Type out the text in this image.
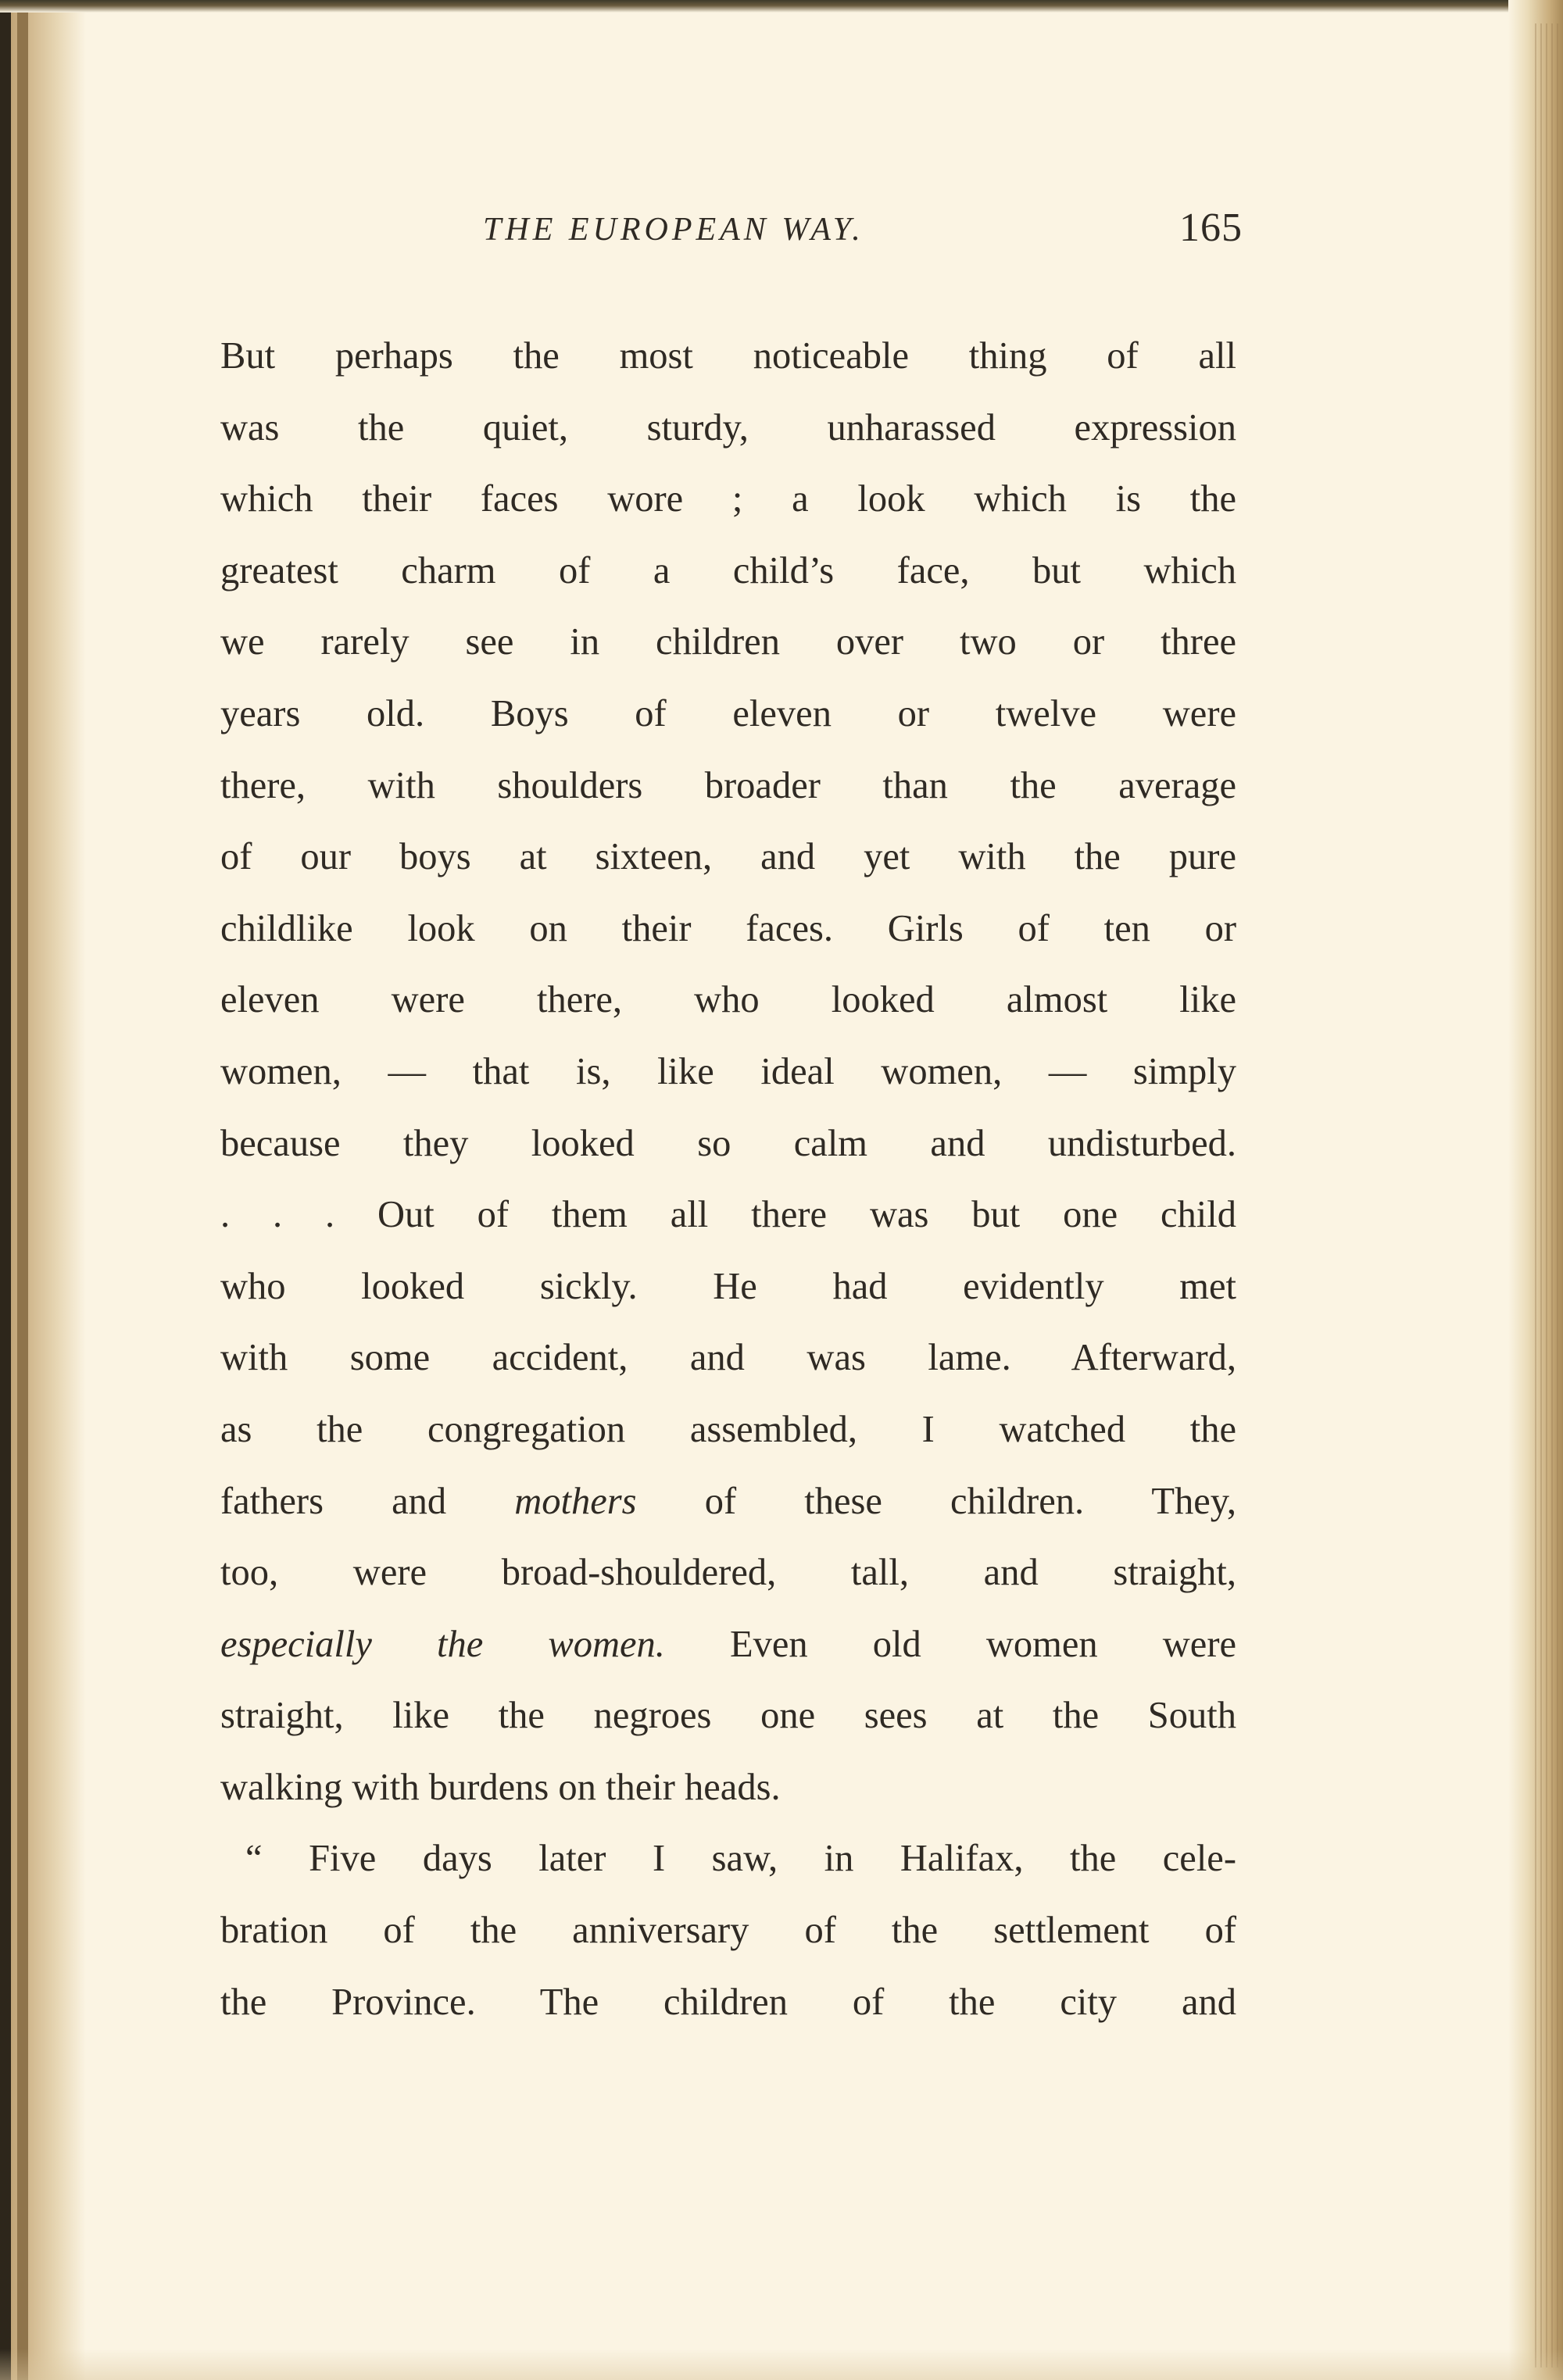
THE EUROPEAN WAY.	165
But perhaps the most noticeable thing of all
was the quiet, sturdy, unharassed expression
which their faces wore ; a look which is the
greatest charm of a child’s face, but which
we rarely see in children over two or three
years old. Boys of eleven or twelve were
there, with shoulders broader than the average
of our boys at sixteen, and yet with the pure
childlike look on their faces. Girls of ten or
eleven were there, who looked almost like
women, — that is, like ideal women, — simply
because they looked so calm and undisturbed.
. . . Out of them all there was but one child
who looked sickly. He had evidently met
with some accident, and was lame. Afterward,
as the congregation assembled, I watched the
fathers and mothers of these children. They,
too, were broad-shouldered, tall, and straight,
especially the women. Even old women were
straight, like the negroes one sees at the South
walking with burdens on their heads.
“ Five days later I saw, in Halifax, the cele-
bration of the anniversary of the settlement of
the Province. The children of the city and
